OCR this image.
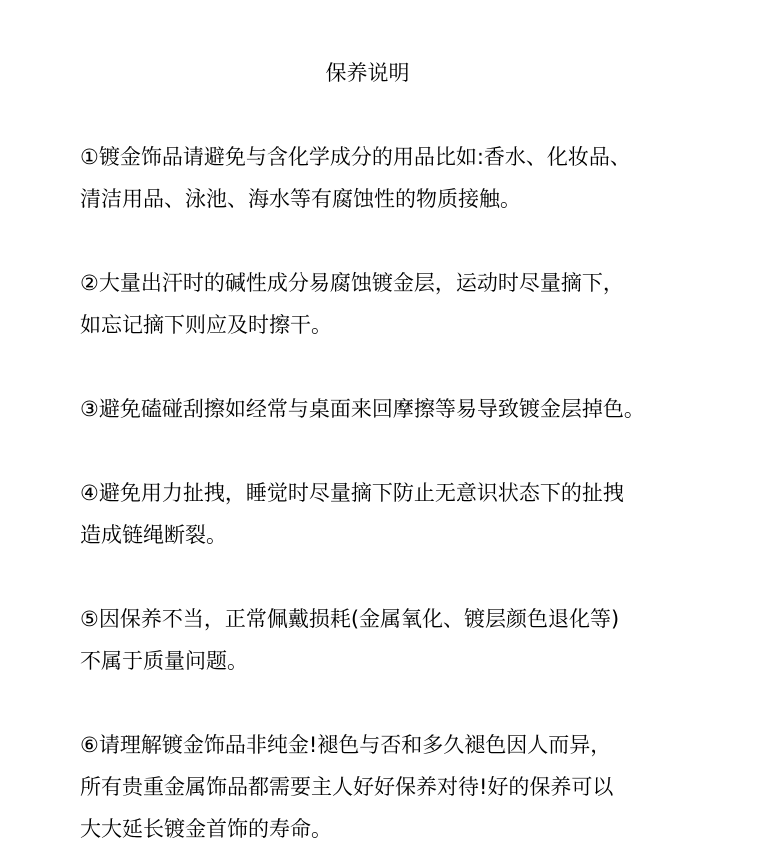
保养说明
①镀金饰品请避免与含化学成分的用品比如:香水、化妆品、
清洁用品、泳池、海水等有腐蚀性的物质接触。
②大量出汗时的碱性成分易腐蚀镀金层，运动时尽量摘下，
如忘记摘下则应及时擦干。
③避免磕碰刮擦如经常与桌面来回摩擦等易导致镀金层掉色。
④避免用力扯拽，睡觉时尽量摘下防止无意识状态下的扯拽
造成链绳断裂。
⑤因保养不当，正常佩戴损耗(金属氧化、镀层颜色退化等)
不属于质量问题。
⑥请理解镀金饰品非纯金!褪色与否和多久褪色因人而异，
所有贵重金属饰品都需要主人好好保养对待!好的保养可以
大大延长镀金首饰的寿命。
